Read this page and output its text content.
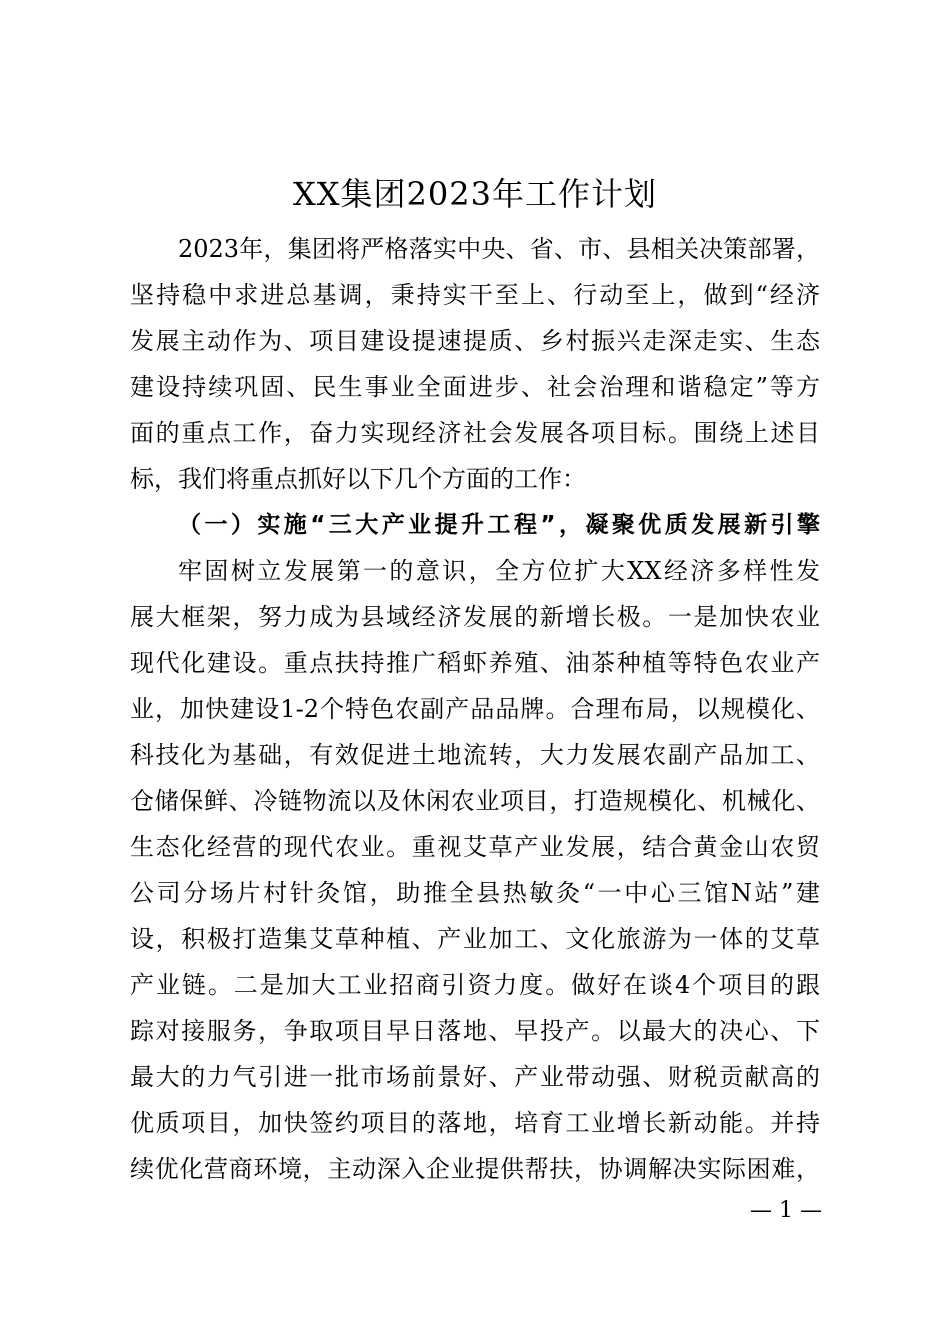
XX集团2023年工作计划
2023年，集团将严格落实中央、省、市、县相关决策部署，
坚持稳中求进总基调，秉持实干至上、行动至上，做到“经济
发展主动作为、项目建设提速提质、乡村振兴走深走实、生态
建设持续巩固、民生事业全面进步、社会治理和谐稳定”等方
面的重点工作，奋力实现经济社会发展各项目标。围绕上述目
标，我们将重点抓好以下几个方面的工作：
（一）实施“三大产业提升工程”，凝聚优质发展新引擎
牢固树立发展第一的意识，全方位扩大XX经济多样性发
展大框架，努力成为县域经济发展的新增长极。一是加快农业
现代化建设。重点扶持推广稻虾养殖、油茶种植等特色农业产
业，加快建设1-2个特色农副产品品牌。合理布局，以规模化、
科技化为基础，有效促进土地流转，大力发展农副产品加工、
仓储保鲜、冷链物流以及休闲农业项目，打造规模化、机械化、
生态化经营的现代农业。重视艾草产业发展，结合黄金山农贸
公司分场片村针灸馆，助推全县热敏灸“一中心三馆N站”建
设，积极打造集艾草种植、产业加工、文化旅游为一体的艾草
产业链。二是加大工业招商引资力度。做好在谈4个项目的跟
踪对接服务，争取项目早日落地、早投产。以最大的决心、下
最大的力气引进一批市场前景好、产业带动强、财税贡献高的
优质项目，加快签约项目的落地，培育工业增长新动能。并持
续优化营商环境，主动深入企业提供帮扶，协调解决实际困难，
— 1 —
